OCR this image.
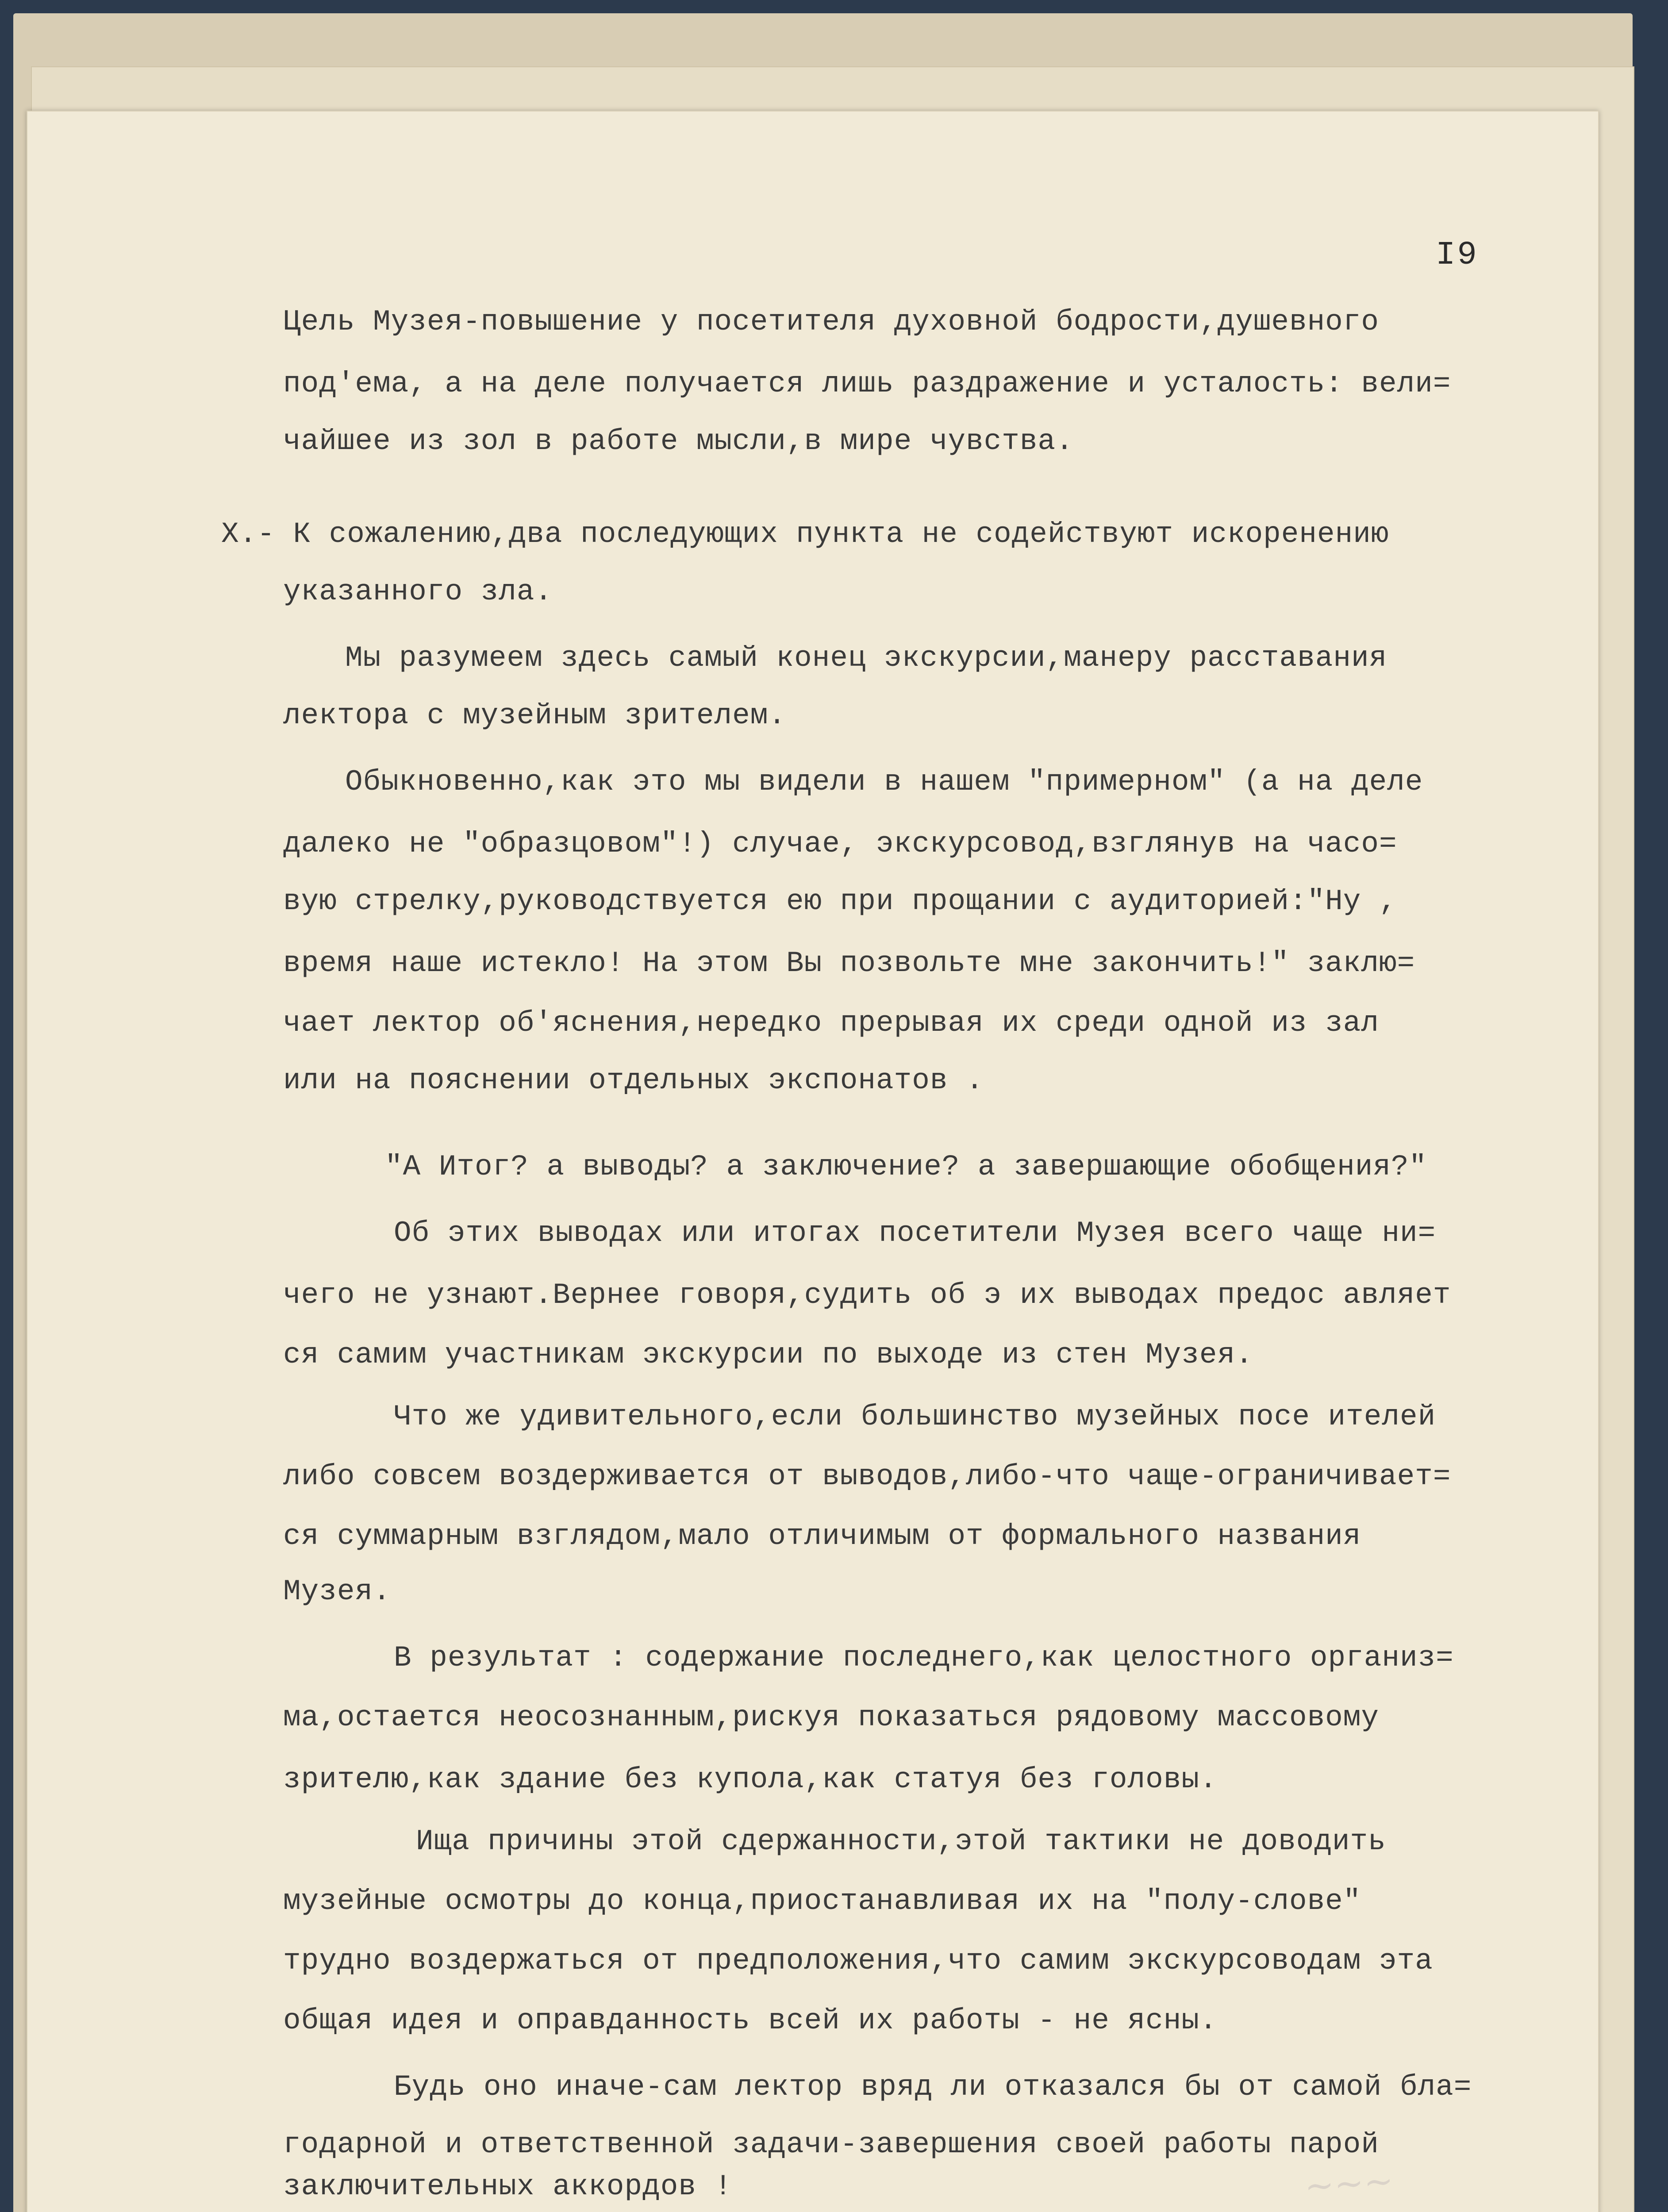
I9
Цель Музея-повышение у посетителя духовной бодрости,душевного
под'ема, а на деле получается лишь раздражение и усталость: вели=
чайшее из зол в работе мысли,в мире чувства.
Х.- К сожалению,два последующих пункта не содействуют искоренению
указанного зла.
Мы разумеем здесь самый конец экскурсии,манеру расставания
лектора с музейным зрителем.
Обыкновенно,как это мы видели в нашем "примерном" (а на деле
далеко не "образцовом"!) случае, экскурсовод,взглянув на часо=
вую стрелку,руководствуется ею при прощании с аудиторией:"Ну ,
время наше истекло! На этом Вы позвольте мне закончить!" заклю=
чает лектор об'яснения,нередко прерывая их среди одной из зал
или на пояснении отдельных экспонатов .
"А Итог? а выводы? а заключение? а завершающие обобщения?"
Об этих выводах или итогах посетители Музея всего чаще ни=
чего не узнают.Вернее говоря,судить об э их выводах предос авляет
ся самим участникам экскурсии по выходе из стен Музея.
Что же удивительного,если большинство музейных посе ителей
либо совсем воздерживается от выводов,либо-что чаще-ограничивает=
ся суммарным взглядом,мало отличимым от формального названия
Музея.
В результат : содержание последнего,как целостного организ=
ма,остается неосознанным,рискуя показаться рядовому массовому
зрителю,как здание без купола,как статуя без головы.
Ища причины этой сдержанности,этой тактики не доводить
музейные осмотры до конца,приостанавливая их на "полу-слове"
трудно воздержаться от предположения,что самим экскурсоводам эта
общая идея и оправданность всей их работы - не ясны.
Будь оно иначе-сам лектор вряд ли отказался бы от самой бла=
годарной и ответственной задачи-завершения своей работы парой
заключительных аккордов !	~~~
